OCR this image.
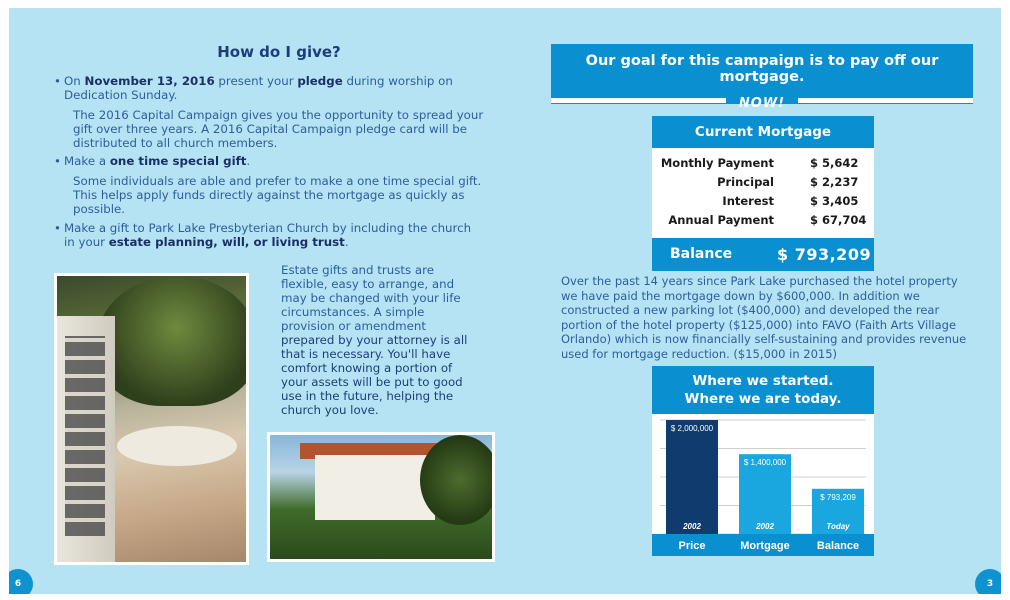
How do I give?
• On November 13, 2016 present your pledge during worship on Dedication Sunday.
The 2016 Capital Campaign gives you the opportunity to spread your gift over three years. A 2016 Capital Campaign pledge card will be distributed to all church members.
• Make a one time special gift.
Some individuals are able and prefer to make a one time special gift. This helps apply funds directly against the mortgage as quickly as possible.
• Make a gift to Park Lake Presbyterian Church by including the church in your estate planning, will, or living trust.
Estate gifts and trusts are flexible, easy to arrange, and may be changed with your life circumstances. A simple provision or amendment prepared by your attorney is all that is necessary. You'll have comfort knowing a portion of your assets will be put to good use in the future, helping the church you love.
6
Our goal for this campaign is to pay off our mortgage.
NOW!
Current Mortgage
Monthly Payment	$ 5,642
Principal	$ 2,237
Interest	$ 3,405
Annual Payment	$ 67,704
Balance	$ 793,209
Over the past 14 years since Park Lake purchased the hotel property we have paid the mortgage down by $600,000. In addition we constructed a new parking lot ($400,000) and developed the rear portion of the hotel property ($125,000) into FAVO (Faith Arts Village Orlando) which is now financially self-sustaining and provides revenue used for mortgage reduction. ($15,000 in 2015)
Where we started.
Where we are today.
$ 2,000,000
2002
$ 1,400,000
2002
$ 793,209
Today
Price	Mortgage Balance
3
